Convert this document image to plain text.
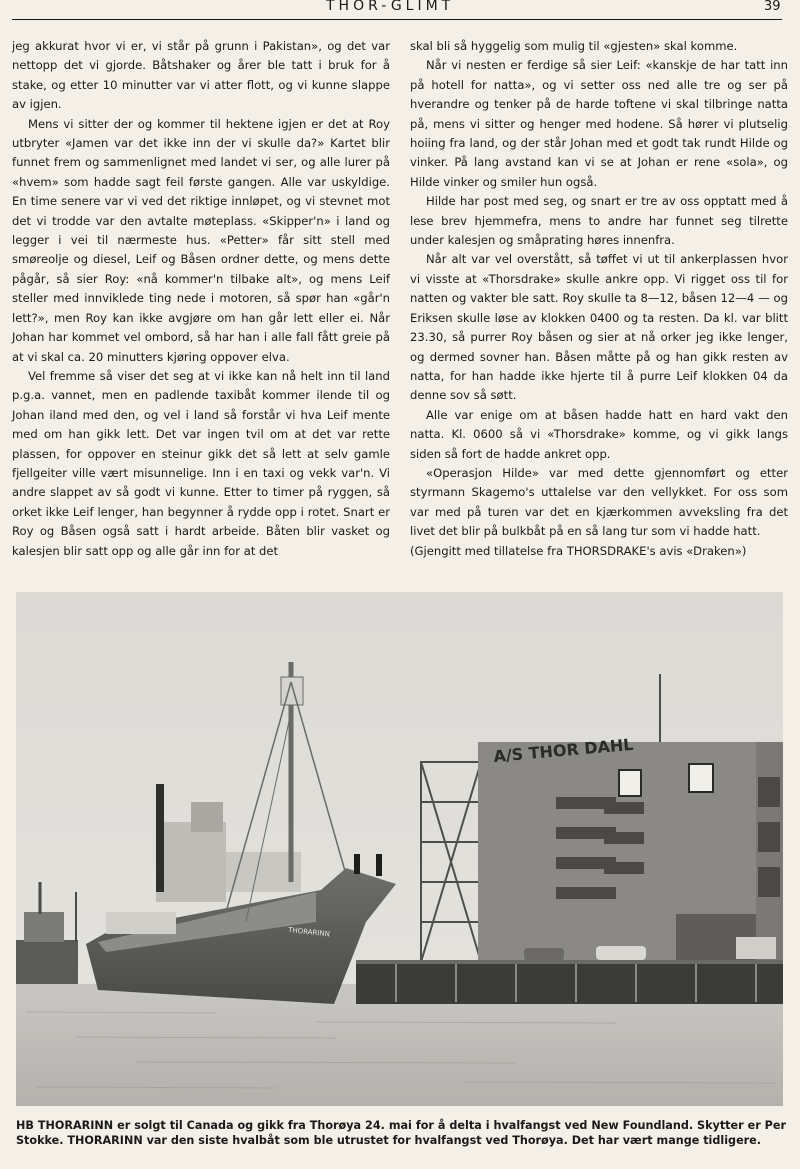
THOR-GLIMT	39

jeg akkurat hvor vi er, vi står på grunn i Pakistan», og det var nettopp det vi gjorde. Båtshaker og årer ble tatt i bruk for å stake, og etter 10 minutter var vi atter flott, og vi kunne slappe av igjen.

Mens vi sitter der og kommer til hektene igjen er det at Roy utbryter «Jamen var det ikke inn der vi skulle da?» Kartet blir funnet frem og sammenlignet med landet vi ser, og alle lurer på «hvem» som hadde sagt feil første gangen. Alle var uskyldige. En time senere var vi ved det riktige innløpet, og vi stevnet mot det vi trodde var den avtalte møteplass. «Skipper'n» i land og legger i vei til nærmeste hus. «Petter» får sitt stell med smøreolje og diesel, Leif og Båsen ordner dette, og mens dette pågår, så sier Roy: «nå kommer'n tilbake alt», og mens Leif steller med innviklede ting nede i motoren, så spør han «går'n lett?», men Roy kan ikke avgjøre om han går lett eller ei. Når Johan har kommet vel ombord, så har han i alle fall fått greie på at vi skal ca. 20 minutters kjøring oppover elva.

Vel fremme så viser det seg at vi ikke kan nå helt inn til land p.g.a. vannet, men en padlende taxibåt kommer ilende til og Johan iland med den, og vel i land så forstår vi hva Leif mente med om han gikk lett. Det var ingen tvil om at det var rette plassen, for oppover en steinur gikk det så lett at selv gamle fjellgeiter ville vært misunnelige. Inn i en taxi og vekk var'n. Vi andre slappet av så godt vi kunne. Etter to timer på ryggen, så orket ikke Leif lenger, han begynner å rydde opp i rotet. Snart er Roy og Båsen også satt i hardt arbeide. Båten blir vasket og kalesjen blir satt opp og alle går inn for at det

skal bli så hyggelig som mulig til «gjesten» skal komme.

Når vi nesten er ferdige så sier Leif: «kanskje de har tatt inn på hotell for natta», og vi setter oss ned alle tre og ser på hverandre og tenker på de harde toftene vi skal tilbringe natta på, mens vi sitter og henger med hodene. Så hører vi plutselig hoiing fra land, og der står Johan med et godt tak rundt Hilde og vinker. På lang avstand kan vi se at Johan er rene «sola», og Hilde vinker og smiler hun også.

Hilde har post med seg, og snart er tre av oss opptatt med å lese brev hjemmefra, mens to andre har funnet seg tilrette under kalesjen og småprating høres innenfra.

Når alt var vel overstått, så tøffet vi ut til ankerplassen hvor vi visste at «Thorsdrake» skulle ankre opp. Vi rigget oss til for natten og vakter ble satt. Roy skulle ta 8—12, båsen 12—4 — og Eriksen skulle løse av klokken 0400 og ta resten. Da kl. var blitt 23.30, så purrer Roy båsen og sier at nå orker jeg ikke lenger, og dermed sovner han. Båsen måtte på og han gikk resten av natta, for han hadde ikke hjerte til å purre Leif klokken 04 da denne sov så søtt.

Alle var enige om at båsen hadde hatt en hard vakt den natta. Kl. 0600 så vi «Thorsdrake» komme, og vi gikk langs siden så fort de hadde ankret opp.

«Operasjon Hilde» var med dette gjennomført og etter styrmann Skagemo's uttalelse var den vellykket. For oss som var med på turen var det en kjærkommen avveksling fra det livet det blir på bulkbåt på en så lang tur som vi hadde hatt.

(Gjengitt med tillatelse fra THORSDRAKE's avis «Draken»)

THORARINN
A/S THOR DAHL
HB THORARINN er solgt til Canada og gikk fra Thorøya 24. mai for å delta i hvalfangst ved New Foundland. Skytter er Per Stokke. THORARINN var den siste hvalbåt som ble utrustet for hvalfangst ved Thorøya. Det har vært mange tidligere.
